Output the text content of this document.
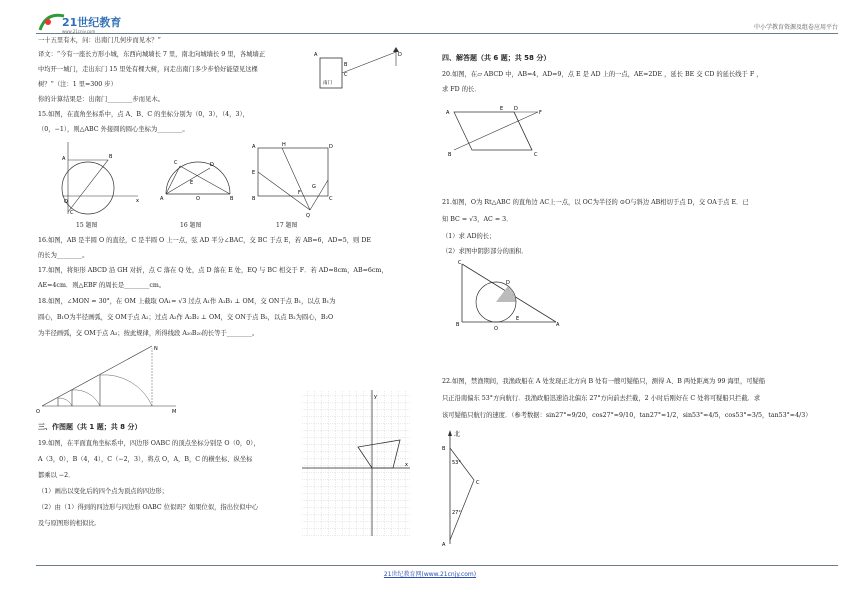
21世纪教育
www.21cnjy.com
中小学教育资源及组卷应用平台
一十五里有木，问：出南门几何步而见木？”
译文：“今有一座长方形小城，东西向城墙长 7 里，南北向城墙长 9 里，各城墙正
中均开一城门，走出东门 15 里处有棵大树，问走出南门多少步恰好能望见这棵
树？”（注：1 里=300 步）
你的计算结果是：出南门________步而见木。
A
B
C
D
南门
15.如图，在直角坐标系中，点 A、B、C 的坐标分别为（0，3），（4，3），
（0，−1），则△ABC 外接圆的圆心坐标为________。
A	B
C
O	x	A	B
C	D
E
O
A	H	D
E
B	C
F
G
Q
15 题图	16 题图	17 题图
16.如图，AB 是半圆 O 的直径，C 是半圆 O 上一点，弦 AD 平分∠BAC，交 BC 于点 E，若 AB=6，AD=5，则 DE
的长为________。
17.如图，将矩形 ABCD 沿 GH 对折，点 C 落在 Q 处，点 D 落在 E 处，EQ 与 BC 相交于 F．若 AD=8cm，AB=6cm，
AE=4cm．则△EBF 的周长是________cm。
18.如图，∠MON = 30°，在 OM 上截取 OA₁= √3 过点 A₁作 A₁B₁ ⊥ OM，交 ON于点 B₁，以点 B₁为
圆心，B₁O为半径画弧，交 OM于点 A₂；过点 A₂作 A₂B₂ ⊥ OM，交 ON于点 B₂，以点 B₂为圆心，B₂O
为半径画弧，交 OM于点 A₃；按此规律，所得线段 A₂₀B₂₀的长等于________。
O	M
N
三、作图题（共 1 题；共 8 分）
19.如图，在平面直角坐标系中，四边形 OABC 的顶点坐标分别是 O（0，0），
A（3，0），B（4，4），C（−2，3），将点 O，A，B，C 的横坐标、纵坐标
都乘以 −2．
（1）画出以变化后的四个点为顶点的四边形；
（2）由（1）得到的四边形与四边形 OABC 位似吗？如果位似，指出位似中心
及与原图形的相似比．
y
x
四、解答题（共 6 题；共 58 分）
20.如图，在▱ ABCD 中，AB=4，AD=9，点 E 是 AD 上的一点，AE=2DE ，延长 BE 交 CD 的延长线于 F ，
求 FD 的长．
A
E D
F
B	C
21.如图，O为 Rt△ABC 的直角边 AC上一点，以 OC为半径的 ⊙O与斜边 AB相切于点 D，交 OA于点 E．已
知 BC = √3，AC = 3．
（1）求 AD的长；
（2）求图中阴影部分的面积．
B
D
E
O
A
C
22.如图，禁渔期间，我渔政船在 A 处发现正北方向 B 处有一艘可疑船只，测得 A、B 两处距离为 99 海里，可疑船
只正沿南偏东 53°方向航行．我渔政船迅速沿北偏东 27°方向前去拦截，2 小时后刚好在 C 处将可疑船只拦截．求
该可疑船只航行的速度．（参考数据：sin27°≈9/20，cos27°≈9/10，tan27°≈1/2，sin53°≈4/5，cos53°≈3/5，tan53°≈4/3）
北
B
53°
C
27°
A
21世纪教育网(www.21cnjy.com)
